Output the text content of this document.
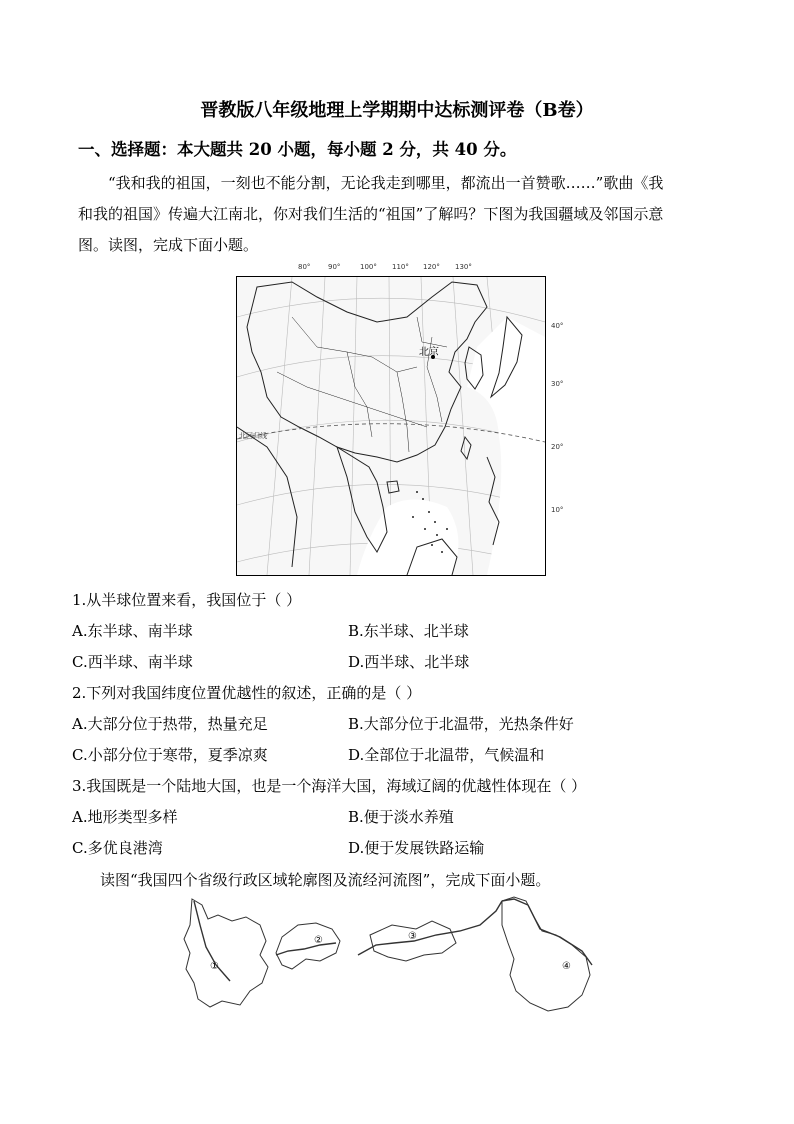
晋教版八年级地理上学期期中达标测评卷（B卷）
一、选择题：本大题共 20 小题，每小题 2 分，共 40 分。
“我和我的祖国，一刻也不能分割，无论我走到哪里，都流出一首赞歌……”歌曲《我
和我的祖国》传遍大江南北，你对我们生活的“祖国”了解吗？下图为我国疆域及邻国示意
图。读图，完成下面小题。
80°	90°	100° 110° 120° 130°
北京
北回归线
40°
30°
20°
10°
1.从半球位置来看，我国位于（ ）
A.东半球、南半球	B.东半球、北半球
C.西半球、南半球	D.西半球、北半球
2.下列对我国纬度位置优越性的叙述，正确的是（ ）
A.大部分位于热带，热量充足	B.大部分位于北温带，光热条件好
C.小部分位于寒带，夏季凉爽	D.全部位于北温带，气候温和
3.我国既是一个陆地大国，也是一个海洋大国，海域辽阔的优越性体现在（ ）
A.地形类型多样	B.便于淡水养殖
C.多优良港湾	D.便于发展铁路运输
读图“我国四个省级行政区域轮廓图及流经河流图”，完成下面小题。
①
②	③
④
